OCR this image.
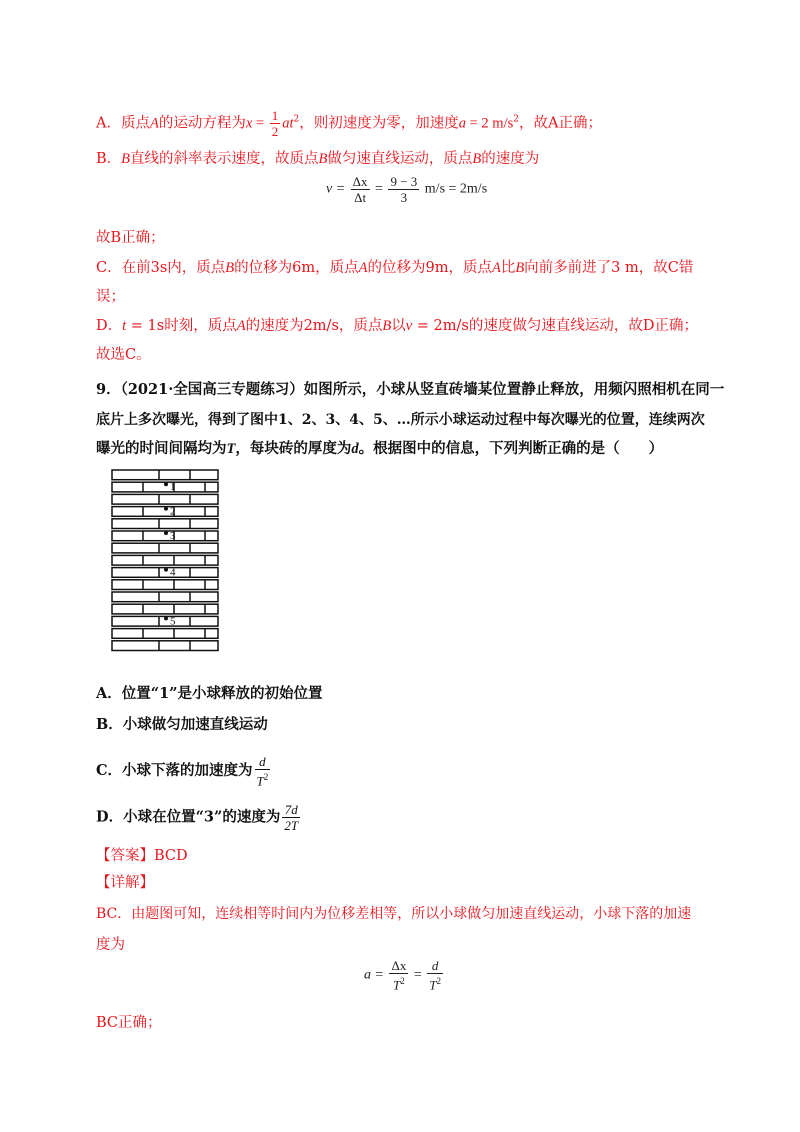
A．质点A的运动方程为$x = \frac{1}{2} at^2$，则初速度为零，加速度a = 2 $m/s^2$，故A正确；
B．B直线的斜率表示速度，故质点B做匀速直线运动，质点B的速度为
$v = \frac{\Delta x}{\Delta t} = \frac{9 - 3}{3} m/s = 2m/s$
故B正确；
C．在前3s内，质点B的位移为6m，质点A的位移为9m，质点A比B向前多前进了3 m，故C错
误；
D．t = 1s时刻，质点A的速度为2m/s，质点B以v = 2m/s的速度做匀速直线运动，故D正确；
故选C。
9．（2021·全国高三专题练习）如图所示，小球从竖直砖墙某位置静止释放，用频闪照相机在同一
底片上多次曝光，得到了图中1、2、3、4、5、…所示小球运动过程中每次曝光的位置，连续两次
曝光的时间间隔均为T，每块砖的厚度为d。根据图中的信息，下列判断正确的是（　　）
1
2
3
4
5
A．位置“1”是小球释放的初始位置
B．小球做匀加速直线运动
C．小球下落的加速度为 $\frac{d}{T^2}$
D．小球在位置“3”的速度为 $\frac{7d}{2T}$
【答案】BCD
【详解】
BC．由题图可知，连续相等时间内为位移差相等，所以小球做匀加速直线运动，小球下落的加速
度为
$a = \frac{\Delta x}{T^2} = \frac{d}{T^2}$
BC正确；
